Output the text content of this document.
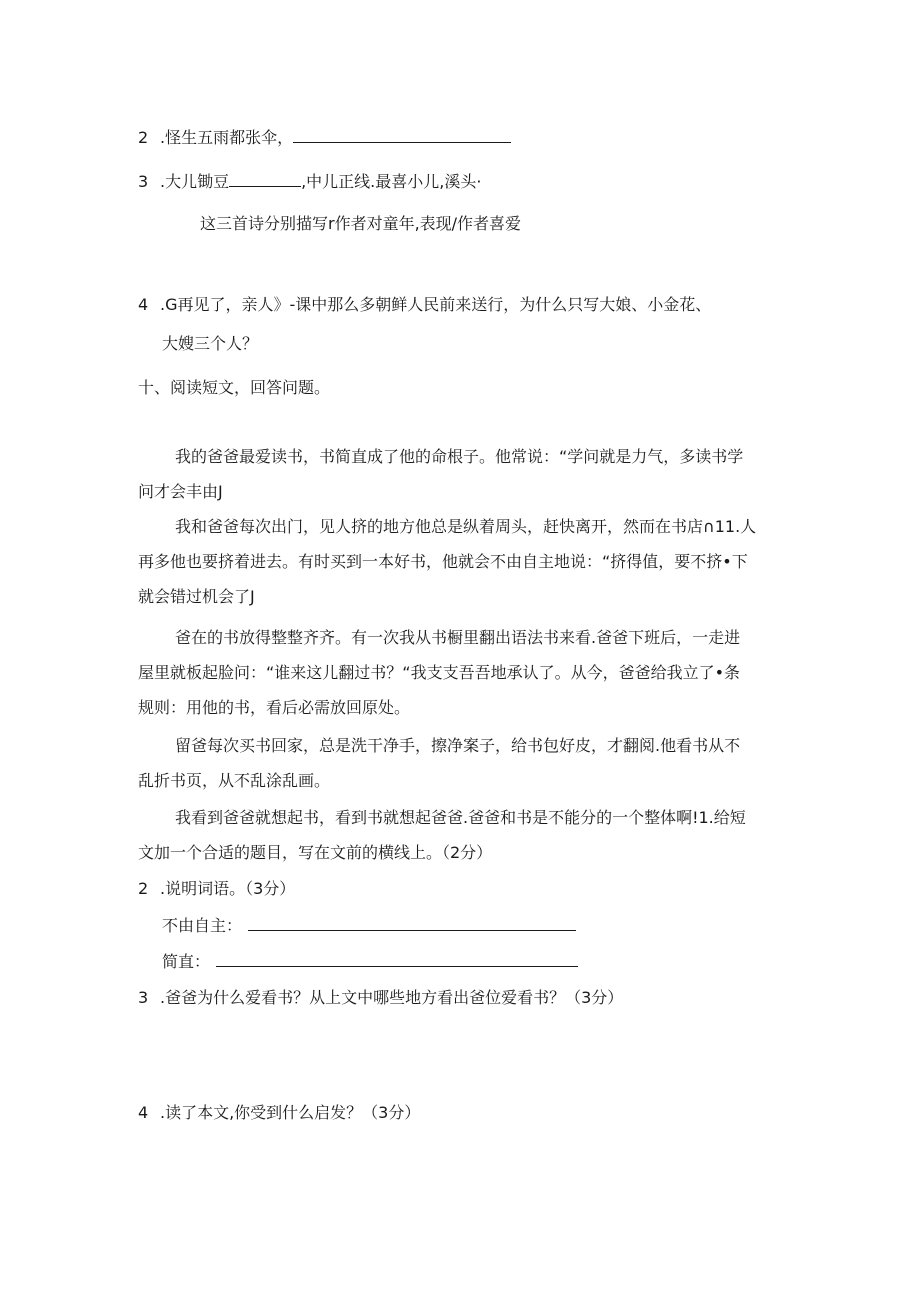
2 .怪生五雨都张伞，
3 .大儿锄豆	,中儿正线.最喜小儿,溪头·
这三首诗分别描写r作者对童年,表现/作者喜爱
4 .G再见了，亲人》-课中那么多朝鲜人民前来送行，为什么只写大娘、小金花、
大嫂三个人？
十、阅读短文，回答问题。
我的爸爸最爱读书，书简直成了他的命根子。他常说：“学问就是力气，多读书学
问才会丰由J
我和爸爸每次出门，见人挤的地方他总是纵着周头，赶快离开，然而在书店∩11.人
再多他也要挤着进去。有时买到一本好书，他就会不由自主地说：“挤得值，要不挤•下
就会错过机会了J
爸在的书放得整整齐齐。有一次我从书橱里翻出语法书来看.爸爸下班后，一走进
屋里就板起脸问：“谁来这儿翻过书？“我支支吾吾地承认了。从今，爸爸给我立了•条
规则：用他的书，看后必需放回原处。
留爸每次买书回家，总是洗干净手，擦净案子，给书包好皮，才翻阅.他看书从不
乱折书页，从不乱涂乱画。
我看到爸爸就想起书，看到书就想起爸爸.爸爸和书是不能分的一个整体啊!1.给短
文加一个合适的题目，写在文前的横线上。（2分）
2 .说明词语。（3分）
不由自主：
简直：
3 .爸爸为什么爱看书？从上文中哪些地方看出爸位爱看书？（3分）
4 .读了本文,你受到什么启发？（3分）
